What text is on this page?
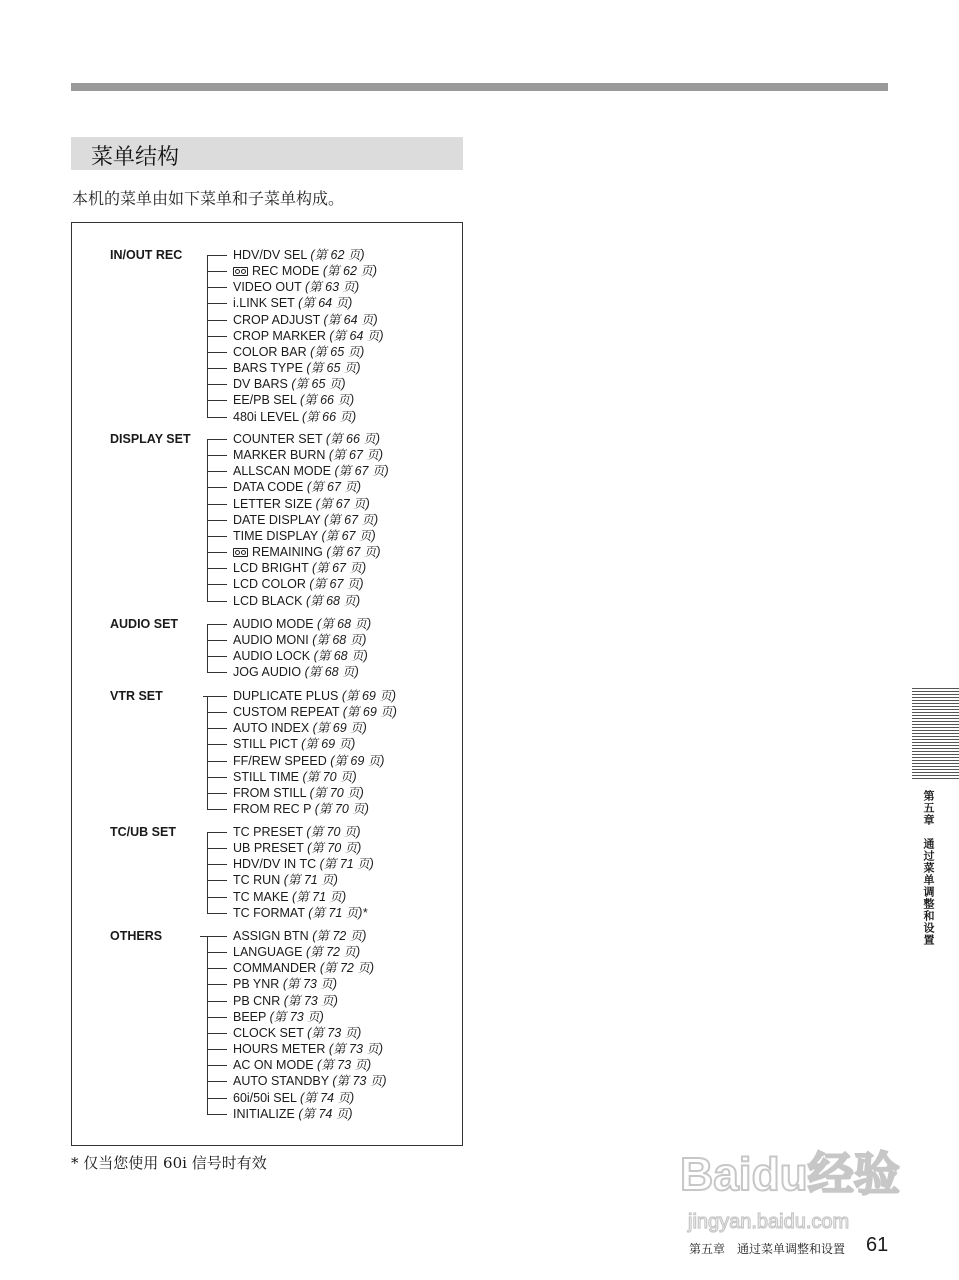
菜单结构
本机的菜单由如下菜单和子菜单构成。
IN/OUT REC	HDV/DV SEL (第 62 页)
REC MODE (第 62 页)
VIDEO OUT (第 63 页)
i.LINK SET (第 64 页)
CROP ADJUST (第 64 页)
CROP MARKER (第 64 页)
COLOR BAR (第 65 页)
BARS TYPE (第 65 页)
DV BARS (第 65 页)
EE/PB SEL (第 66 页)
480i LEVEL (第 66 页)
DISPLAY SET	COUNTER SET (第 66 页)
MARKER BURN (第 67 页)
ALLSCAN MODE (第 67 页)
DATA CODE (第 67 页)
LETTER SIZE (第 67 页)
DATE DISPLAY (第 67 页)
TIME DISPLAY (第 67 页)
REMAINING (第 67 页)
LCD BRIGHT (第 67 页)
LCD COLOR (第 67 页)
LCD BLACK (第 68 页)
AUDIO SET	AUDIO MODE (第 68 页)
AUDIO MONI (第 68 页)
AUDIO LOCK (第 68 页)
JOG AUDIO (第 68 页)
VTR SET	DUPLICATE PLUS (第 69 页)
CUSTOM REPEAT (第 69 页)
AUTO INDEX (第 69 页)
STILL PICT (第 69 页)
FF/REW SPEED (第 69 页)
STILL TIME (第 70 页)
FROM STILL (第 70 页)
FROM REC P (第 70 页)
TC/UB SET	TC PRESET (第 70 页)
UB PRESET (第 70 页)
HDV/DV IN TC (第 71 页)
TC RUN (第 71 页)
TC MAKE (第 71 页)
TC FORMAT (第 71 页)*
OTHERS	ASSIGN BTN (第 72 页)
LANGUAGE (第 72 页)
COMMANDER (第 72 页)
PB YNR (第 73 页)
PB CNR (第 73 页)
BEEP (第 73 页)
CLOCK SET (第 73 页)
HOURS METER (第 73 页)
AC ON MODE (第 73 页)
AUTO STANDBY (第 73 页)
60i/50i SEL (第 74 页)
INITIALIZE (第 74 页)
* 仅当您使用 60i 信号时有效
第五章　通过菜单调整和设置
Baidu经验
jingyan.baidu.com
第五章　通过菜单调整和设置 61
